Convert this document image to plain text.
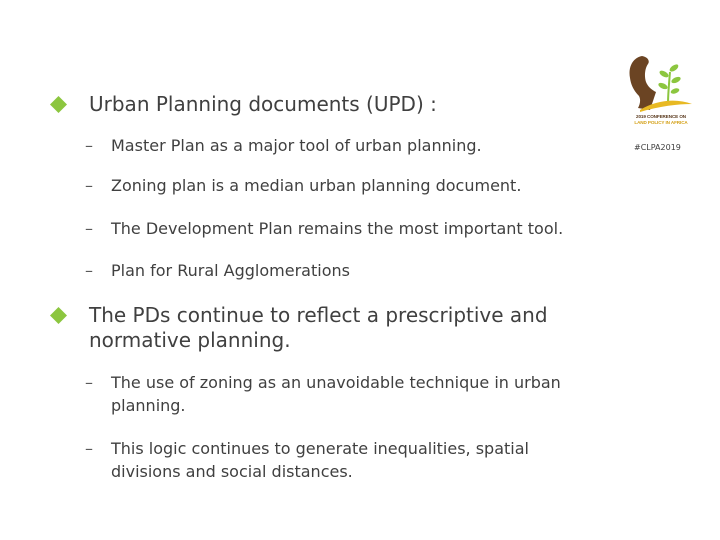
2019 CONFERENCE ON
LAND POLICY IN AFRICA
#CLPA2019
Urban Planning documents (UPD) :
– Master Plan as a major tool of urban planning.
– Zoning plan is a median urban planning document.
– The Development Plan remains the most important tool.
– Plan for Rural Agglomerations
The PDs continue to reflect a prescriptive and normative planning.
– The use of zoning as an unavoidable technique in urban planning.
– This logic continues to generate inequalities, spatial divisions and social distances.
